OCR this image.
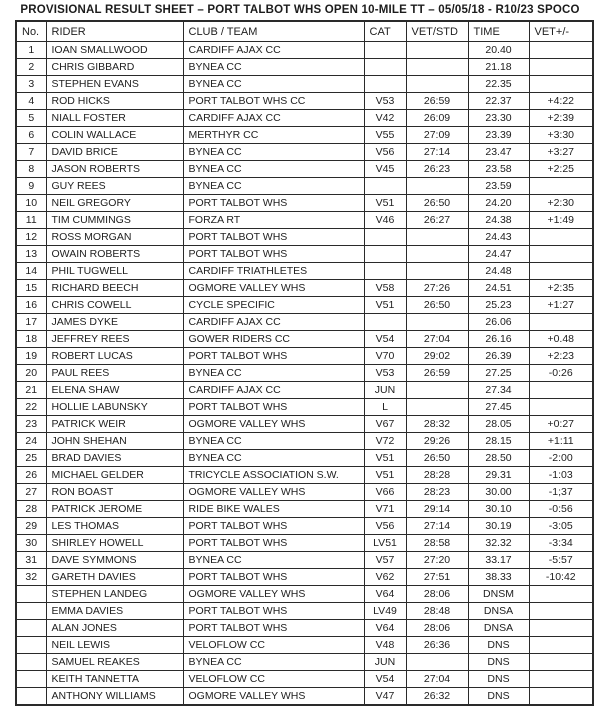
PROVISIONAL RESULT SHEET – PORT TALBOT WHS OPEN 10-MILE TT – 05/05/18 - R10/23 SPOCO
No.	RIDER	CLUB / TEAM	CAT	VET/STD	TIME	VET+/-
1	IOAN SMALLWOOD	CARDIFF AJAX CC			20.40	
2	CHRIS GIBBARD	BYNEA CC			21.18	
3	STEPHEN EVANS	BYNEA CC			22.35	
4	ROD HICKS	PORT TALBOT WHS CC	V53	26:59	22.37	+4:22
5	NIALL FOSTER	CARDIFF AJAX CC	V42	26:09	23.30	+2:39
6	COLIN WALLACE	MERTHYR CC	V55	27:09	23.39	+3:30
7	DAVID BRICE	BYNEA CC	V56	27:14	23.47	+3:27
8	JASON ROBERTS	BYNEA CC	V45	26:23	23.58	+2:25
9	GUY REES	BYNEA CC			23.59	
10	NEIL GREGORY	PORT TALBOT WHS	V51	26:50	24.20	+2:30
11	TIM CUMMINGS	FORZA RT	V46	26:27	24.38	+1:49
12	ROSS MORGAN	PORT TALBOT WHS			24.43	
13	OWAIN ROBERTS	PORT TALBOT WHS			24.47	
14	PHIL TUGWELL	CARDIFF TRIATHLETES			24.48	
15	RICHARD BEECH	OGMORE VALLEY WHS	V58	27:26	24.51	+2:35
16	CHRIS COWELL	CYCLE SPECIFIC	V51	26:50	25.23	+1:27
17	JAMES DYKE	CARDIFF AJAX CC			26.06	
18	JEFFREY REES	GOWER RIDERS CC	V54	27:04	26.16	+0.48
19	ROBERT LUCAS	PORT TALBOT WHS	V70	29:02	26.39	+2:23
20	PAUL REES	BYNEA CC	V53	26:59	27.25	-0:26
21	ELENA SHAW	CARDIFF AJAX CC	JUN		27.34	
22	HOLLIE LABUNSKY	PORT TALBOT WHS	L		27.45	
23	PATRICK WEIR	OGMORE VALLEY WHS	V67	28:32	28.05	+0:27
24	JOHN SHEHAN	BYNEA CC	V72	29:26	28.15	+1:11
25	BRAD DAVIES	BYNEA CC	V51	26:50	28.50	-2:00
26	MICHAEL GELDER	TRICYCLE ASSOCIATION S.W.	V51	28:28	29.31	-1:03
27	RON BOAST	OGMORE VALLEY WHS	V66	28:23	30.00	-1;37
28	PATRICK JEROME	RIDE BIKE WALES	V71	29:14	30.10	-0:56
29	LES THOMAS	PORT TALBOT WHS	V56	27:14	30.19	-3:05
30	SHIRLEY HOWELL	PORT TALBOT WHS	LV51	28:58	32.32	-3:34
31	DAVE SYMMONS	BYNEA CC	V57	27:20	33.17	-5:57
32	GARETH DAVIES	PORT TALBOT WHS	V62	27:51	38.33	-10:42
	STEPHEN LANDEG	OGMORE VALLEY WHS	V64	28:06	DNSM	
	EMMA DAVIES	PORT TALBOT WHS	LV49	28:48	DNSA	
	ALAN JONES	PORT TALBOT WHS	V64	28:06	DNSA	
	NEIL LEWIS	VELOFLOW CC	V48	26:36	DNS	
	SAMUEL REAKES	BYNEA CC	JUN		DNS	
	KEITH TANNETTA	VELOFLOW CC	V54	27:04	DNS	
	ANTHONY WILLIAMS	OGMORE VALLEY WHS	V47	26:32	DNS	
